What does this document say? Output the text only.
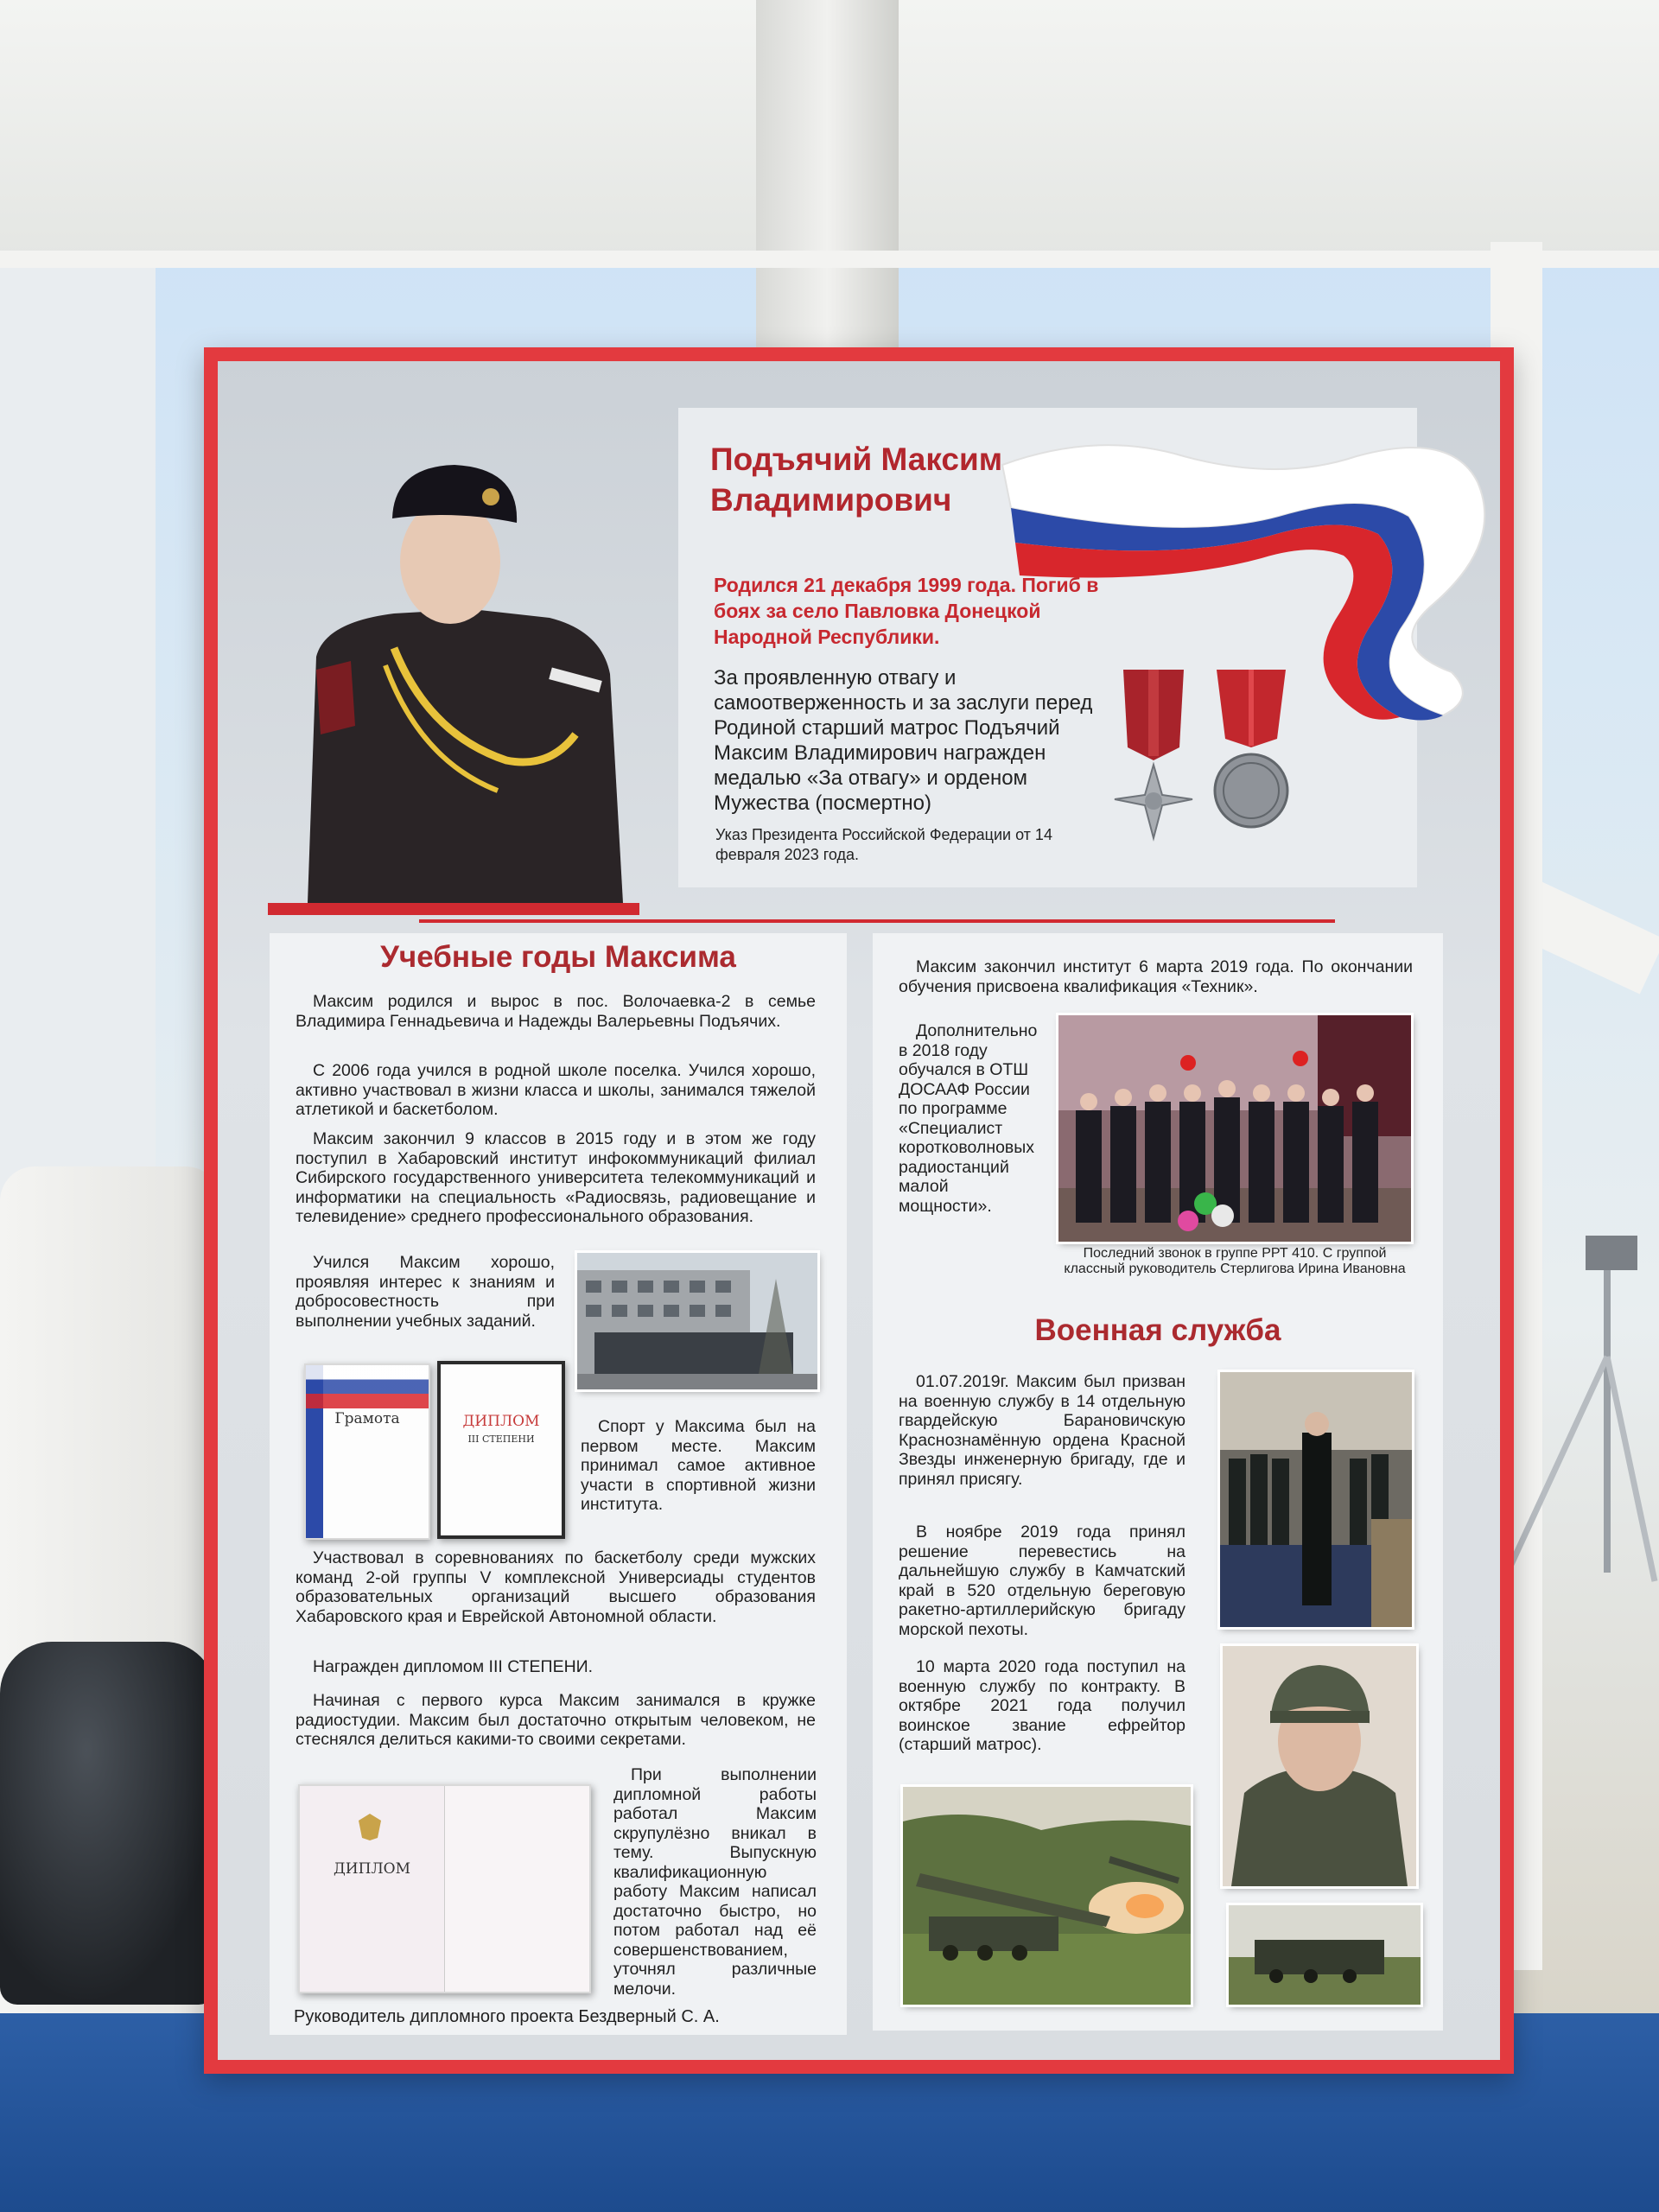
Подъячий Максим Владимирович

Родился 21 декабря 1999 года. Погиб в боях за село Павловка Донецкой Народной Республики.

За проявленную отвагу и самоотверженность и за заслуги перед Родиной старший матрос Подъячий Максим Владимирович награжден медалью «За отвагу» и орденом Мужества (посмертно)

Указ Президента Российской Федерации от 14 февраля 2023 года.

Учебные годы Максима

Максим родился и вырос в пос. Волочаевка-2 в семье Владимира Геннадьевича и Надежды Валерьевны Подъячих.

С 2006 года учился в родной школе поселка. Учился хорошо, активно участвовал в жизни класса и школы, занимался тяжелой атлетикой и баскетболом.

Максим закончил 9 классов в 2015 году и в этом же году поступил в Хабаровский институт инфокоммуникаций филиал Сибирского государственного университета телекоммуникаций и информатики на специальность «Радиосвязь, радиовещание и телевидение» среднего профессионального образования.

Учился Максим хорошо, проявляя интерес к знаниям и добросовестность при выполнении учебных заданий.

Грамота	ДИПЛОМ

III СТЕПЕНИ

Спорт у Максима был на первом месте. Максим принимал самое активное участи в спортивной жизни института.

Участвовал в соревнованиях по баскетболу среди мужских команд 2-ой группы V комплексной Универсиады студентов образовательных организаций высшего образования Хабаровского края и Еврейской Автономной области.

Награжден дипломом III СТЕПЕНИ.

Начиная с первого курса Максим занимался в кружке радиостудии. Максим был достаточно открытым человеком, не стеснялся делиться какими-то своими секретами.

ДИПЛОМ

При выполнении дипломной работы работал Максим скрупулёзно вникал в тему. Выпускную квалификационную работу Максим написал достаточно быстро, но потом работал над её совершенствованием, уточнял различные мелочи.

Руководитель дипломного проекта Бездверный С. А.

Максим закончил институт 6 марта 2019 года. По окончании обучения присвоена квалификация «Техник».

Дополнительно в 2018 году обучался в ОТШ ДОСААФ России по программе «Специалист коротковолновых радиостанций малой мощности».

Последний звонок в группе РРТ 410. С группой классный руководитель Стерлигова Ирина Ивановна

Военная служба

01.07.2019г. Максим был призван на военную службу в 14 отдельную гвардейскую Барановичскую Краснознамённую ордена Красной Звезды инженерную бригаду, где и принял присягу.

В ноябре 2019 года принял решение перевестись на дальнейшую службу в Камчатский край в 520 отдельную береговую ракетно-артиллерийскую бригаду морской пехоты.

10 марта 2020 года поступил на военную службу по контракту. В октябре 2021 года получил воинское звание ефрейтор (старший матрос).
